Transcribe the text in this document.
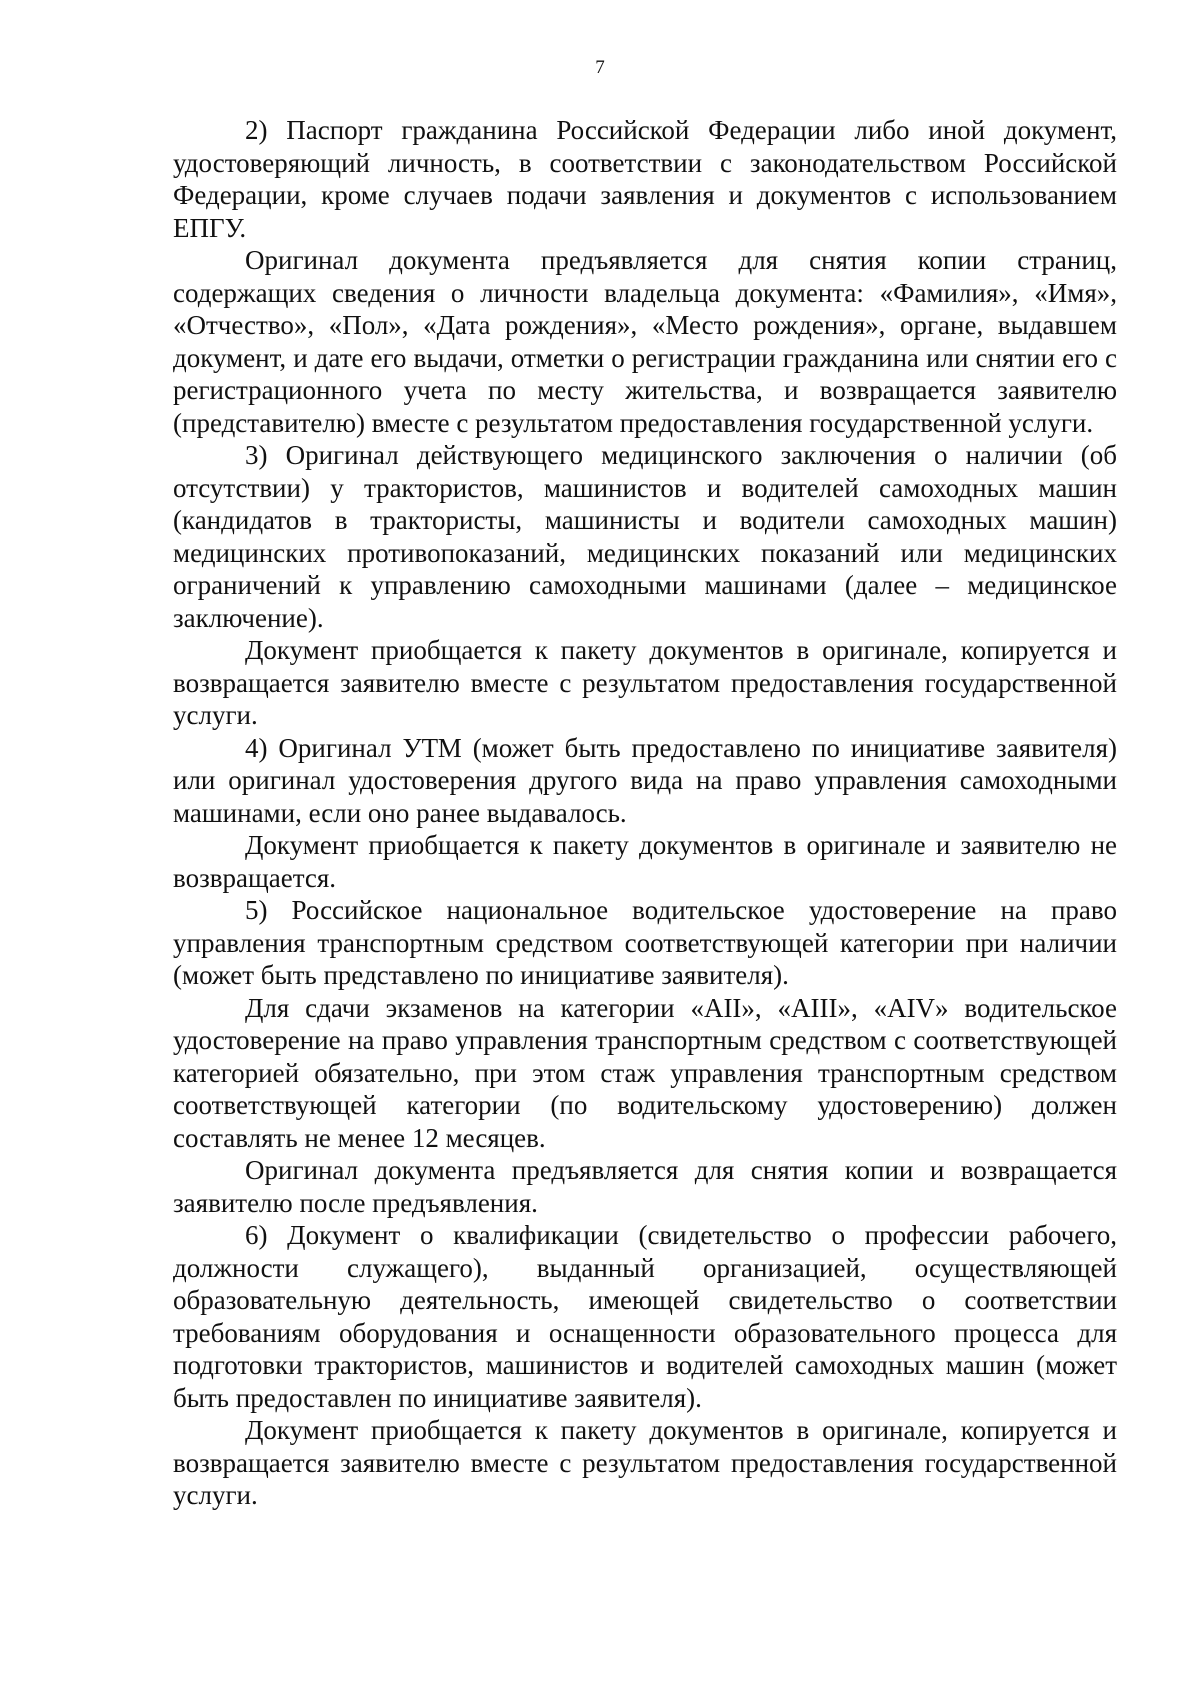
7

2) Паспорт гражданина Российской Федерации либо иной документ, удостоверяющий личность, в соответствии с законодательством Российской Федерации, кроме случаев подачи заявления и документов с использованием ЕПГУ.

Оригинал документа предъявляется для снятия копии страниц, содержащих сведения о личности владельца документа: «Фамилия», «Имя», «Отчество», «Пол», «Дата рождения», «Место рождения», органе, выдавшем документ, и дате его выдачи, отметки о регистрации гражданина или снятии его с регистрационного учета по месту жительства, и возвращается заявителю (представителю) вместе с результатом предоставления государственной услуги.

3) Оригинал действующего медицинского заключения о наличии (об отсутствии) у трактористов, машинистов и водителей самоходных машин (кандидатов в трактористы, машинисты и водители самоходных машин) медицинских противопоказаний, медицинских показаний или медицинских ограничений к управлению самоходными машинами (далее – медицинское заключение).

Документ приобщается к пакету документов в оригинале, копируется и возвращается заявителю вместе с результатом предоставления государственной услуги.

4) Оригинал УТМ (может быть предоставлено по инициативе заявителя) или оригинал удостоверения другого вида на право управления самоходными машинами, если оно ранее выдавалось.

Документ приобщается к пакету документов в оригинале и заявителю не возвращается.

5) Российское национальное водительское удостоверение на право управления транспортным средством соответствующей категории при наличии (может быть представлено по инициативе заявителя).

Для сдачи экзаменов на категории «AII», «AIII», «AIV» водительское удостоверение на право управления транспортным средством с соответствующей категорией обязательно, при этом стаж управления транспортным средством соответствующей категории (по водительскому удостоверению) должен составлять не менее 12 месяцев.

Оригинал документа предъявляется для снятия копии и возвращается заявителю после предъявления.

6) Документ о квалификации (свидетельство о профессии рабочего, должности служащего), выданный организацией, осуществляющей образовательную деятельность, имеющей свидетельство о соответствии требованиям оборудования и оснащенности образовательного процесса для подготовки трактористов, машинистов и водителей самоходных машин (может быть предоставлен по инициативе заявителя).

Документ приобщается к пакету документов в оригинале, копируется и возвращается заявителю вместе с результатом предоставления государственной услуги.
